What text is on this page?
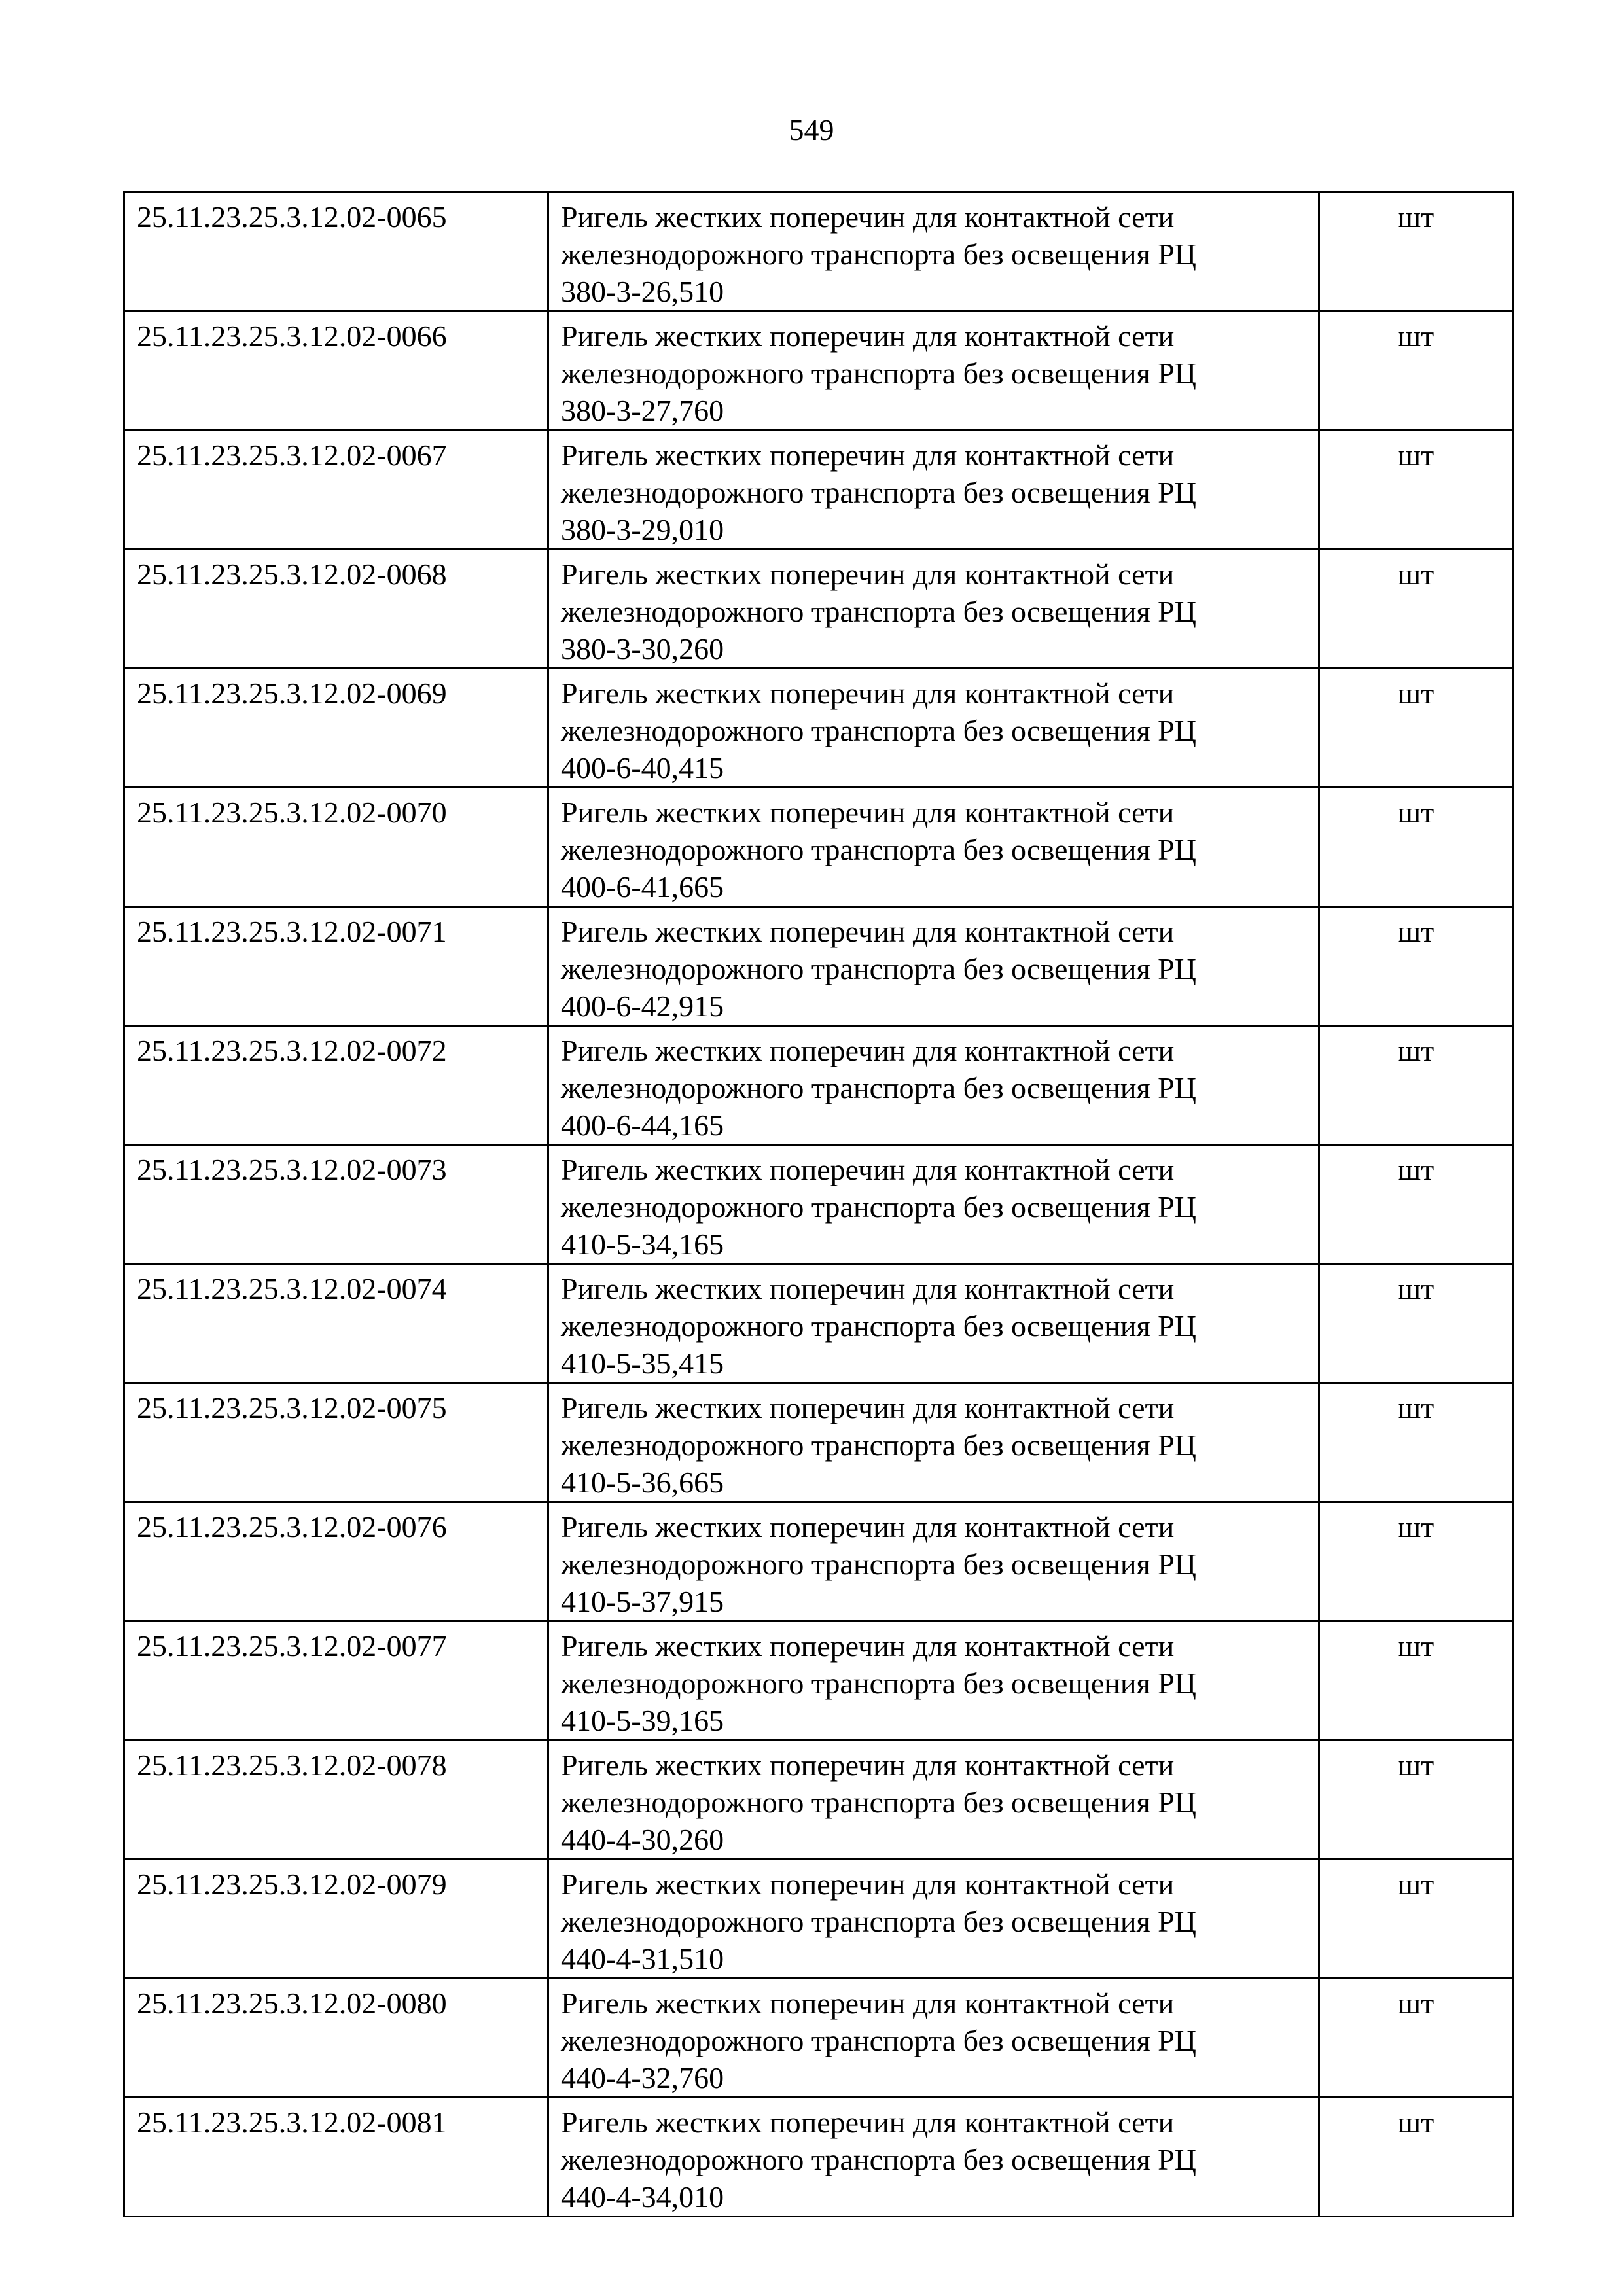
549
25.11.23.25.3.12.02-0065	Ригель жестких поперечин для контактной сети
железнодорожного транспорта без освещения РЦ
380-3-26,510	шт
25.11.23.25.3.12.02-0066	Ригель жестких поперечин для контактной сети
железнодорожного транспорта без освещения РЦ
380-3-27,760	шт
25.11.23.25.3.12.02-0067	Ригель жестких поперечин для контактной сети
железнодорожного транспорта без освещения РЦ
380-3-29,010	шт
25.11.23.25.3.12.02-0068	Ригель жестких поперечин для контактной сети
железнодорожного транспорта без освещения РЦ
380-3-30,260	шт
25.11.23.25.3.12.02-0069	Ригель жестких поперечин для контактной сети
железнодорожного транспорта без освещения РЦ
400-6-40,415	шт
25.11.23.25.3.12.02-0070	Ригель жестких поперечин для контактной сети
железнодорожного транспорта без освещения РЦ
400-6-41,665	шт
25.11.23.25.3.12.02-0071	Ригель жестких поперечин для контактной сети
железнодорожного транспорта без освещения РЦ
400-6-42,915	шт
25.11.23.25.3.12.02-0072	Ригель жестких поперечин для контактной сети
железнодорожного транспорта без освещения РЦ
400-6-44,165	шт
25.11.23.25.3.12.02-0073	Ригель жестких поперечин для контактной сети
железнодорожного транспорта без освещения РЦ
410-5-34,165	шт
25.11.23.25.3.12.02-0074	Ригель жестких поперечин для контактной сети
железнодорожного транспорта без освещения РЦ
410-5-35,415	шт
25.11.23.25.3.12.02-0075	Ригель жестких поперечин для контактной сети
железнодорожного транспорта без освещения РЦ
410-5-36,665	шт
25.11.23.25.3.12.02-0076	Ригель жестких поперечин для контактной сети
железнодорожного транспорта без освещения РЦ
410-5-37,915	шт
25.11.23.25.3.12.02-0077	Ригель жестких поперечин для контактной сети
железнодорожного транспорта без освещения РЦ
410-5-39,165	шт
25.11.23.25.3.12.02-0078	Ригель жестких поперечин для контактной сети
железнодорожного транспорта без освещения РЦ
440-4-30,260	шт
25.11.23.25.3.12.02-0079	Ригель жестких поперечин для контактной сети
железнодорожного транспорта без освещения РЦ
440-4-31,510	шт
25.11.23.25.3.12.02-0080	Ригель жестких поперечин для контактной сети
железнодорожного транспорта без освещения РЦ
440-4-32,760	шт
25.11.23.25.3.12.02-0081	Ригель жестких поперечин для контактной сети
железнодорожного транспорта без освещения РЦ
440-4-34,010	шт
